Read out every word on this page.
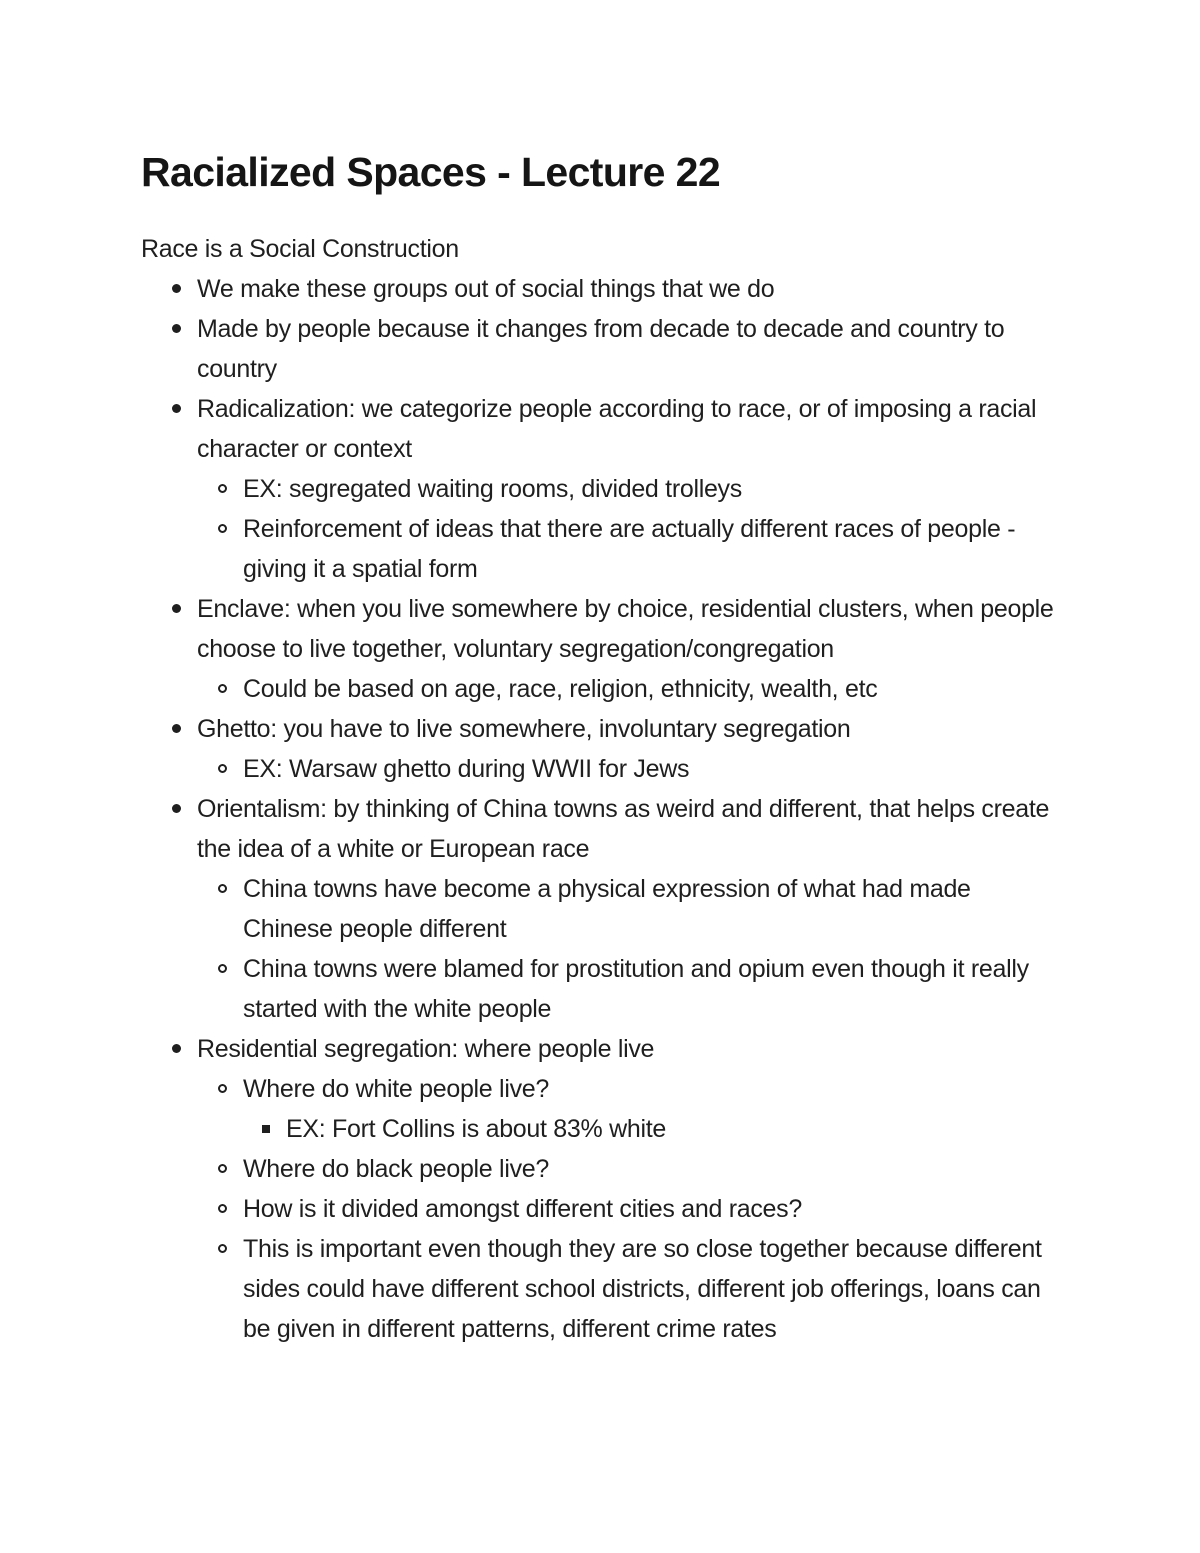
Racialized Spaces - Lecture 22

Race is a Social Construction

We make these groups out of social things that we do
Made by people because it changes from decade to decade and country to country
Radicalization: we categorize people according to race, or of imposing a racial character or context
EX: segregated waiting rooms, divided trolleys
Reinforcement of ideas that there are actually different races of people - giving it a spatial form
Enclave: when you live somewhere by choice, residential clusters, when people choose to live together, voluntary segregation/congregation
Could be based on age, race, religion, ethnicity, wealth, etc
Ghetto: you have to live somewhere, involuntary segregation
EX: Warsaw ghetto during WWII for Jews
Orientalism: by thinking of China towns as weird and different, that helps create the idea of a white or European race
China towns have become a physical expression of what had made Chinese people different
China towns were blamed for prostitution and opium even though it really started with the white people
Residential segregation: where people live
Where do white people live?
EX: Fort Collins is about 83% white
Where do black people live?
How is it divided amongst different cities and races?
This is important even though they are so close together because different sides could have different school districts, different job offerings, loans can be given in different patterns, different crime rates
